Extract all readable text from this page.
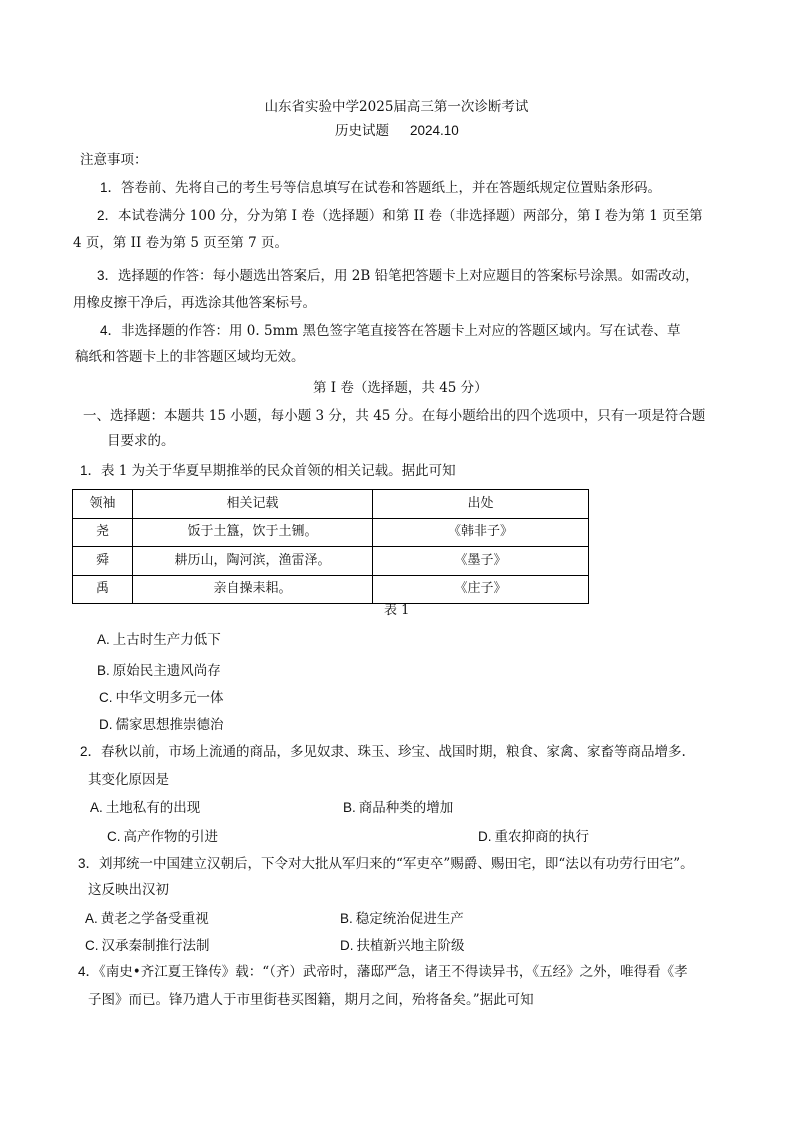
山东省实验中学2025届高三第一次诊断考试
历史试题 2024.10
注意事项：
1．答卷前、先将自己的考生号等信息填写在试卷和答题纸上，并在答题纸规定位置贴条形码。
2．本试卷满分 100 分，分为第 I 卷（选择题）和第 II 卷（非选择题）两部分，第 I 卷为第 1 页至第
4 页，第 II 卷为第 5 页至第 7 页。
3．选择题的作答：每小题选出答案后，用 2B 铅笔把答题卡上对应题目的答案标号涂黑。如需改动，
用橡皮擦干净后，再选涂其他答案标号。
4．非选择题的作答：用 0. 5mm 黑色签字笔直接答在答题卡上对应的答题区域内。写在试卷、草
稿纸和答题卡上的非答题区域均无效。
第 I 卷（选择题，共 45 分）
一、选择题：本题共 15 小题，每小题 3 分，共 45 分。在每小题给出的四个选项中，只有一项是符合题
目要求的。
1．表 1 为关于华夏早期推举的民众首领的相关记载。据此可知
领袖	相关记载	出处
尧	饭于土簋，饮于土铏。	《韩非子》
舜	耕历山，陶河滨，渔雷泽。	《墨子》
禹	亲自操耒耜。	《庄子》
表 1
A. 上古时生产力低下
B. 原始民主遗风尚存
C. 中华文明多元一体
D. 儒家思想推崇德治
2．春秋以前，市场上流通的商品，多见奴隶、珠玉、珍宝、战国时期，粮食、家禽、家畜等商品增多.
其变化原因是
A. 土地私有的出现	B. 商品种类的增加
C. 高产作物的引进	D. 重农抑商的执行
3．刘邦统一中国建立汉朝后，下令对大批从军归来的“军吏卒”赐爵、赐田宅，即“法以有功劳行田宅”。
这反映出汉初
A. 黄老之学备受重视	B. 稳定统治促进生产
C. 汉承秦制推行法制	D. 扶植新兴地主阶级
4．《南史•齐江夏王锋传》载：“（齐）武帝时，藩邸严急，诸王不得读异书，《五经》之外，唯得看《孝
子图》而已。锋乃遣人于市里街巷买图籍，期月之间，殆将备矣。”据此可知
